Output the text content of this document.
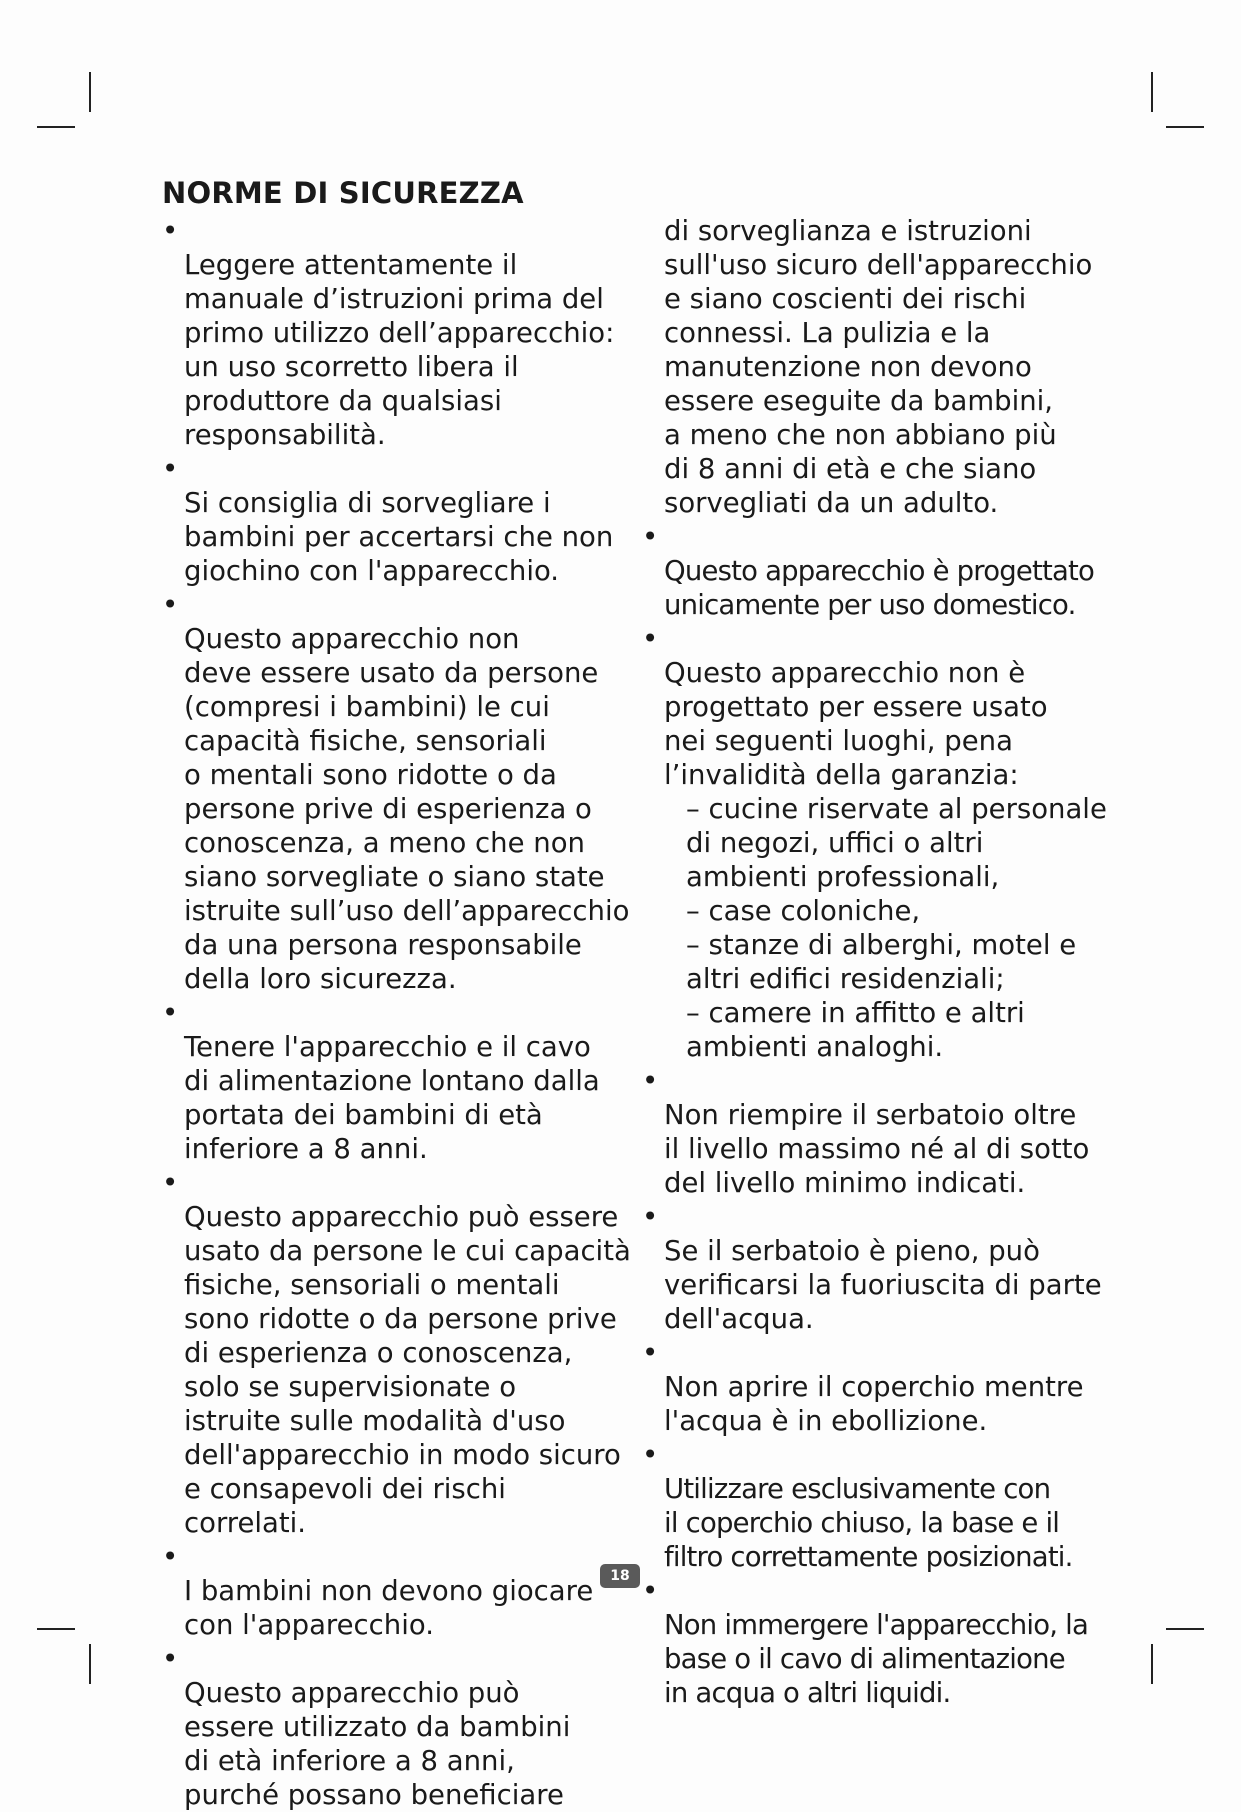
NORME DI SICUREZZA

•
Leggere attentamente il
manuale d’istruzioni prima del
primo utilizzo dell’apparecchio:
un uso scorretto libera il
produttore da qualsiasi
responsabilità.

•
Si consiglia di sorvegliare i
bambini per accertarsi che non
giochino con l'apparecchio.

•
Questo apparecchio non
deve essere usato da persone
(compresi i bambini) le cui
capacità fisiche, sensoriali
o mentali sono ridotte o da
persone prive di esperienza o
conoscenza, a meno che non
siano sorvegliate o siano state
istruite sull’uso dell’apparecchio
da una persona responsabile
della loro sicurezza.

•
Tenere l'apparecchio e il cavo
di alimentazione lontano dalla
portata dei bambini di età
inferiore a 8 anni.

•
Questo apparecchio può essere
usato da persone le cui capacità
fisiche, sensoriali o mentali
sono ridotte o da persone prive
di esperienza o conoscenza,
solo se supervisionate o
istruite sulle modalità d'uso
dell'apparecchio in modo sicuro
e consapevoli dei rischi correlati.

•
I bambini non devono giocare
con l'apparecchio.

•
Questo apparecchio può
essere utilizzato da bambini
di età inferiore a 8 anni,
purché possano beneficiare

di sorveglianza e istruzioni
sull'uso sicuro dell'apparecchio
e siano coscienti dei rischi
connessi. La pulizia e la
manutenzione non devono
essere eseguite da bambini,
a meno che non abbiano più
di 8 anni di età e che siano
sorvegliati da un adulto.

•
Questo apparecchio è progettato
unicamente per uso domestico.

•
Questo apparecchio non è
progettato per essere usato
nei seguenti luoghi, pena
l’invalidità della garanzia:

– cucine riservate al personale
di negozi, uffici o altri
ambienti professionali,

– case coloniche,

– stanze di alberghi, motel e
altri edifici residenziali;

– camere in affitto e altri
ambienti analoghi.

•
Non riempire il serbatoio oltre
il livello massimo né al di sotto
del livello minimo indicati.

•
Se il serbatoio è pieno, può
verificarsi la fuoriuscita di parte
dell'acqua.

•
Non aprire il coperchio mentre
l'acqua è in ebollizione.

•
Utilizzare esclusivamente con
il coperchio chiuso, la base e il
filtro correttamente posizionati.

•
Non immergere l'apparecchio, la
base o il cavo di alimentazione
in acqua o altri liquidi.

18
